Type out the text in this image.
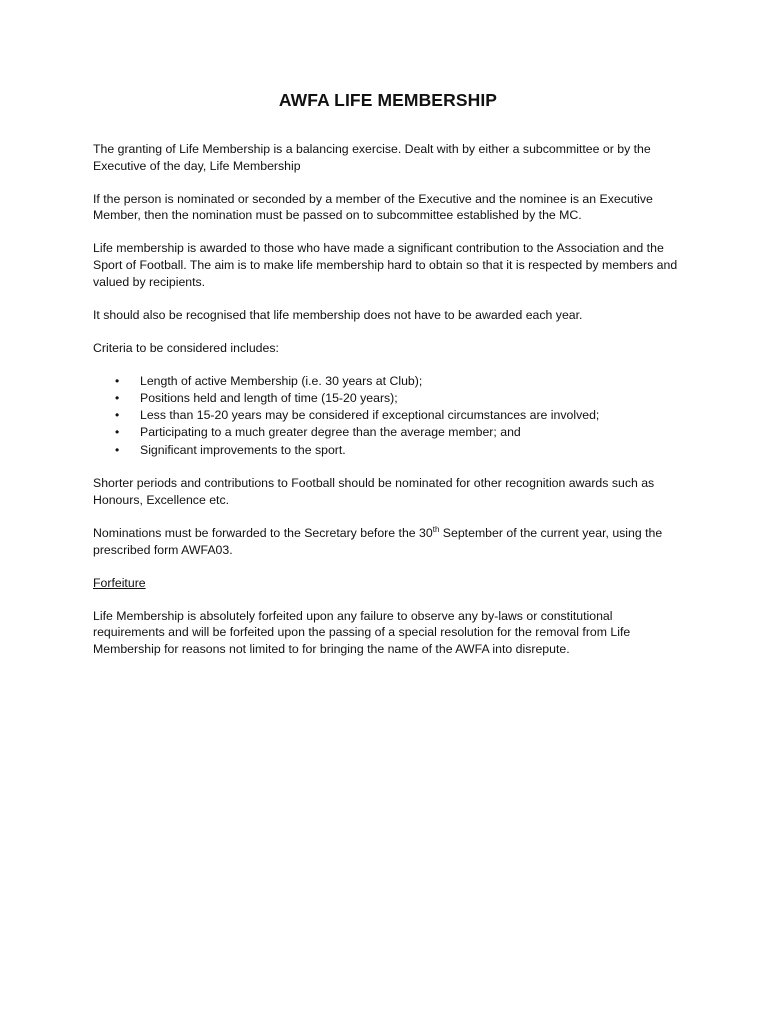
AWFA LIFE MEMBERSHIP

The granting of Life Membership is a balancing exercise. Dealt with by either a subcommittee or by the Executive of the day, Life Membership

If the person is nominated or seconded by a member of the Executive and the nominee is an Executive Member, then the nomination must be passed on to subcommittee established by the MC.

Life membership is awarded to those who have made a significant contribution to the Association and the Sport of Football. The aim is to make life membership hard to obtain so that it is respected by members and valued by recipients.

It should also be recognised that life membership does not have to be awarded each year.

Criteria to be considered includes:

• Length of active Membership (i.e. 30 years at Club);
• Positions held and length of time (15-20 years);
• Less than 15-20 years may be considered if exceptional circumstances are involved;
• Participating to a much greater degree than the average member; and
• Significant improvements to the sport.

Shorter periods and contributions to Football should be nominated for other recognition awards such as Honours, Excellence etc.

Nominations must be forwarded to the Secretary before the 30th September of the current year, using the prescribed form AWFA03.

Forfeiture

Life Membership is absolutely forfeited upon any failure to observe any by-laws or constitutional requirements and will be forfeited upon the passing of a special resolution for the removal from Life Membership for reasons not limited to for bringing the name of the AWFA into disrepute.
